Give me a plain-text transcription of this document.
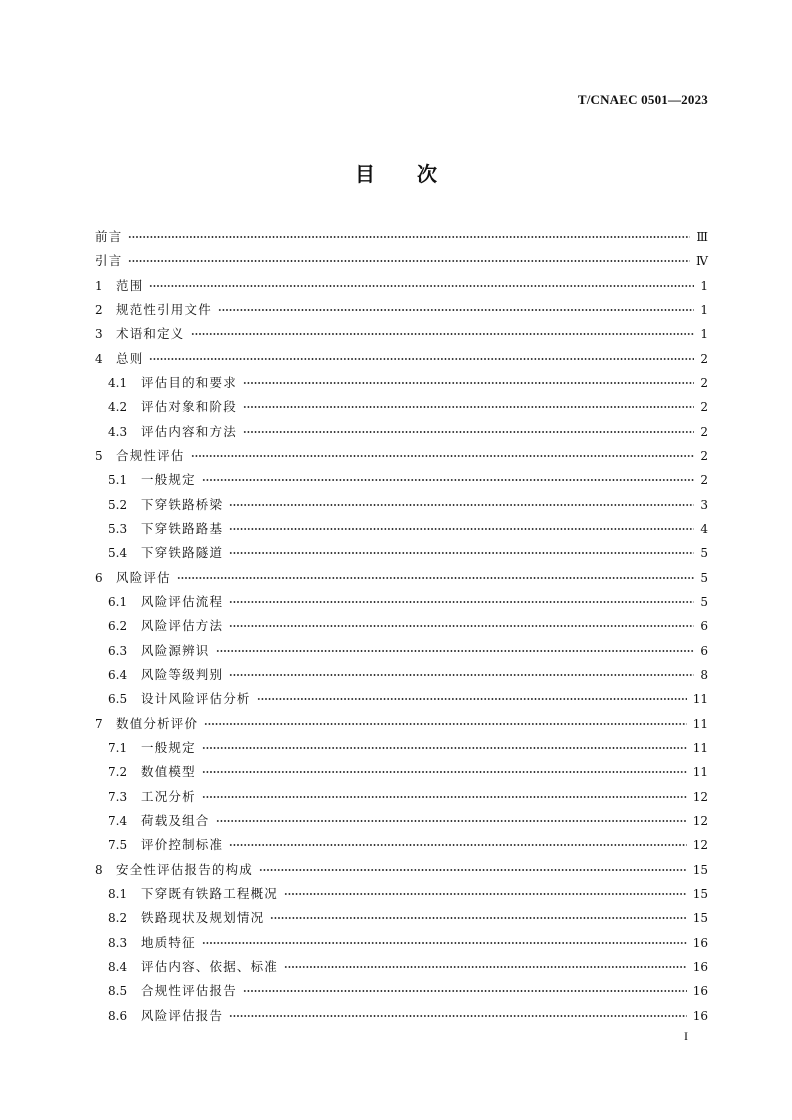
T/CNAEC 0501—2023
目　次
前言	Ⅲ
引言	Ⅳ
1	范围	1
2	规范性引用文件	1
3	术语和定义	1
4	总则	2
4.1	评估目的和要求	2
4.2	评估对象和阶段	2
4.3	评估内容和方法	2
5	合规性评估	2
5.1	一般规定	2
5.2	下穿铁路桥梁	3
5.3	下穿铁路路基	4
5.4	下穿铁路隧道	5
6	风险评估	5
6.1	风险评估流程	5
6.2	风险评估方法	6
6.3	风险源辨识	6
6.4	风险等级判别	8
6.5	设计风险评估分析	11
7	数值分析评价	11
7.1	一般规定	11
7.2	数值模型	11
7.3	工况分析	12
7.4	荷载及组合	12
7.5	评价控制标准	12
8	安全性评估报告的构成	15
8.1	下穿既有铁路工程概况	15
8.2	铁路现状及规划情况	15
8.3	地质特征	16
8.4	评估内容、依据、标准	16
8.5	合规性评估报告	16
8.6	风险评估报告	16
I
